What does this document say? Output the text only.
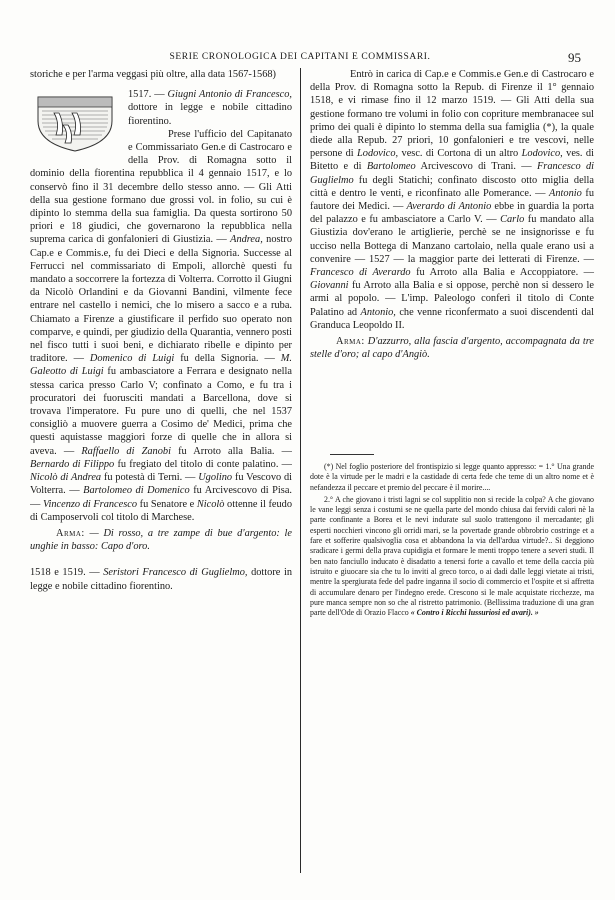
SERIE CRONOLOGICA DEI CAPITANI E COMMISSARI.	95

storiche e per l'arma veggasi più oltre, alla data 1567-1568)

1517. — Giugni Antonio di Francesco, dottore in legge e nobile cittadino fiorentino.

Prese l'ufficio del Capitanato e Commissariato Gen.e di Castrocaro e della Prov. di Romagna sotto il dominio della fiorentina repubblica il 4 gennaio 1517, e lo conservò fino il 31 decembre dello stesso anno. — Gli Atti della sua gestione formano due grossi vol. in folio, su cui è dipinto lo stemma della sua famiglia. Da questa sortirono 50 priori e 18 giudici, che governarono la repubblica nella suprema carica di gonfalonieri di Giustizia. — Andrea, nostro Cap.e e Commis.e, fu dei Dieci e della Signoria. Successe al Ferrucci nel commissariato di Empoli, allorchè questi fu mandato a soccorrere la fortezza di Volterra. Corrotto il Giugni da Nicolò Orlandini e da Giovanni Bandini, vilmente fece entrare nel castello i nemici, che lo misero a sacco e a ruba. Chiamato a Firenze a giustificare il perfido suo operato non comparve, e quindi, per giudizio della Quarantia, vennero posti nel fisco tutti i suoi beni, e dichiarato ribelle e dipinto per traditore. — Domenico di Luigi fu della Signoria. — M. Galeotto di Luigi fu ambasciatore a Ferrara e designato nella stessa carica presso Carlo V; confinato a Como, e fu tra i procuratori dei fuorusciti mandati a Barcellona, dove si trovava l'imperatore. Fu pure uno di quelli, che nel 1537 consigliò a muovere guerra a Cosimo de' Medici, prima che questi aquistasse maggiori forze di quelle che in allora si aveva. — Raffaello di Zanobi fu Arroto alla Balia. — Bernardo di Filippo fu fregiato del titolo di conte palatino. — Nicolò di Andrea fu potestà di Terni. — Ugolino fu Vescovo di Volterra. — Bartolomeo di Domenico fu Arcivescovo di Pisa. — Vincenzo di Francesco fu Senatore e Nicolò ottenne il feudo di Camposervoli col titolo di Marchese.

Arma: — Di rosso, a tre zampe di bue d'argento: le unghie in basso: Capo d'oro.

1518 e 1519. — Seristori Francesco di Guglielmo, dottore in legge e nobile cittadino fiorentino.

Entrò in carica di Cap.e e Commis.e Gen.e di Castrocaro e della Prov. di Romagna sotto la Repub. di Firenze il 1° gennaio 1518, e vi rimase fino il 12 marzo 1519. — Gli Atti della sua gestione formano tre volumi in folio con copriture membranacee sul primo dei quali è dipinto lo stemma della sua famiglia (*), la quale diede alla Repub. 27 priori, 10 gonfalonieri e tre vescovi, nelle persone di Lodovico, vesc. di Cortona di un altro Lodovico, ves. di Bitetto e di Bartolomeo Arcivescovo di Trani. — Francesco di Guglielmo fu degli Statichi; confinato discosto otto miglia della città e dentro le venti, e riconfinato alle Pomerance. — Antonio fu fautore dei Medici. — Averardo di Antonio ebbe in guardia la porta del palazzo e fu ambasciatore a Carlo V. — Carlo fu mandato alla Giustizia dov'erano le artiglierie, perchè se ne insignorisse e fu ucciso nella Bottega di Manzano cartolaio, nella quale erano usi a convenire — 1527 — la maggior parte dei letterati di Firenze. — Francesco di Averardo fu Arroto alla Balia e Accoppiatore. — Giovanni fu Arroto alla Balia e si oppose, perchè non si dessero le armi al popolo. — L'imp. Paleologo conferì il titolo di Conte Palatino ad Antonio, che venne riconfermato a suoi discendenti dal Granduca Leopoldo II.

Arma: D'azzurro, alla fascia d'argento, accompagnata da tre stelle d'oro; al capo d'Angiò.

(*) Nel foglio posteriore del frontispizio si legge quanto appresso: = 1.° Una grande dote è la virtude per le madri e la castidade di certa fede che teme di un altro nome et è nefandezza il peccare et premio del peccare è il morire....

2.° A che giovano i tristi lagni se col supplitio non si recide la colpa? A che giovano le vane leggi senza i costumi se ne quella parte del mondo chiusa dai fervidi calori nè la parte confinante a Borea et le nevi indurate sul suolo trattengono il mercadante; gli esperti nocchieri vincono gli orridi mari, se la povertade grande obbrobrio costringe et a fare et sofferire qualsivoglia cosa et abbandona la via dell'ardua virtude?.. Si deggiono sradicare i germi della prava cupidigia et formare le menti troppo tenere a severi studi. Il ben nato fanciullo inducato è disadatto a tenersi forte a cavallo et teme della caccia più istruito e giuocare sia che tu lo inviti al greco torco, o ai dadi dalle leggi vietate ai tristi, mentre la spergiurata fede del padre inganna il socio di commercio et l'ospite et si affretta di accumulare denaro per l'indegno erede. Crescono si le male acquistate ricchezze, ma pure manca sempre non so che al ristretto patrimonio. (Bellissima traduzione di una gran parte dell'Ode di Orazio Flacco « Contro i Ricchi lussuriosi ed avari). »
